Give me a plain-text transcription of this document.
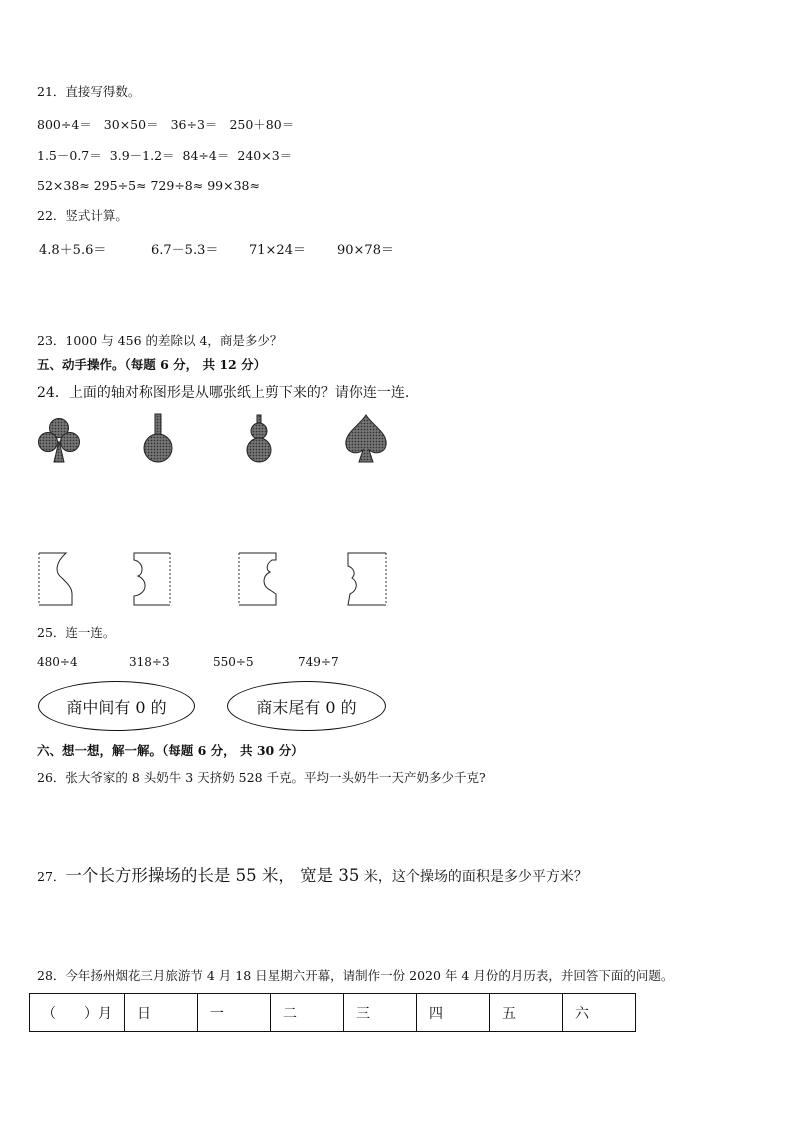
21．直接写得数。
800÷4＝ 30×50＝ 36÷3＝ 250＋80＝
1.5－0.7＝ 3.9－1.2＝ 84÷4＝ 240×3＝
52×38≈ 295÷5≈ 729÷8≈ 99×38≈
22．竖式计算。
4.8＋5.6＝	6.7－5.3＝	71×24＝	90×78＝
23．1000 与 456 的差除以 4，商是多少？
五、动手操作。（每题 6 分， 共 12 分）
24．上面的轴对称图形是从哪张纸上剪下来的？请你连一连.
25．连一连。
480÷4	318÷3	550÷5	749÷7
商中间有 0 的	商末尾有 0 的
六、想一想，解一解。（每题 6 分， 共 30 分）
26．张大爷家的 8 头奶牛 3 天挤奶 528 千克。平均一头奶牛一天产奶多少千克?
27．一个长方形操场的长是 55 米， 宽是 35 米，这个操场的面积是多少平方米？
28．今年扬州烟花三月旅游节 4 月 18 日星期六开幕，请制作一份 2020 年 4 月份的月历表，并回答下面的问题。
（　　）月	日	一	二	三	四	五	六
